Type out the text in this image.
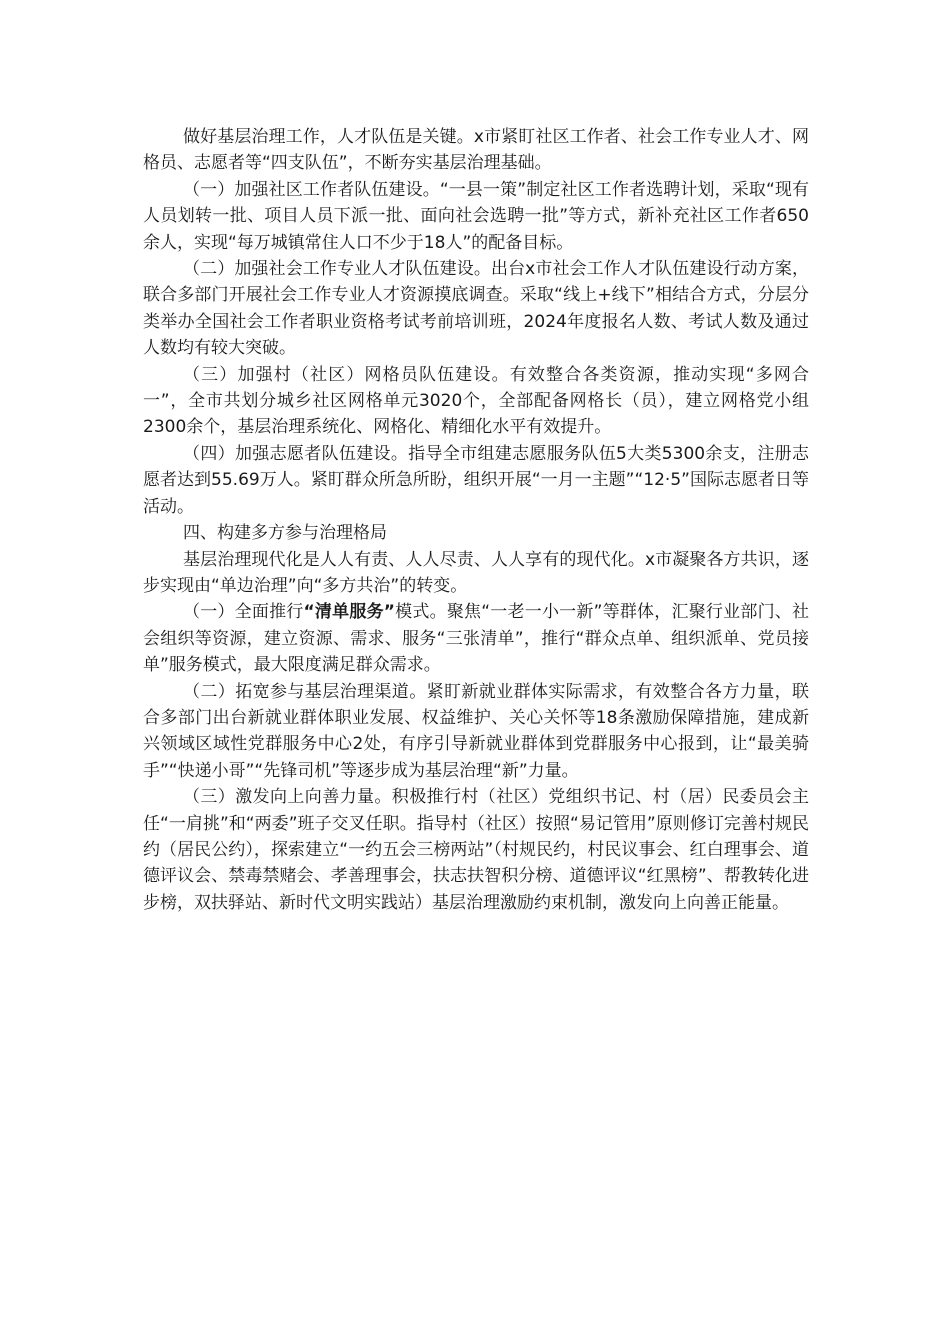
做好基层治理工作，人才队伍是关键。x市紧盯社区工作者、社会工作专业人才、网格员、志愿者等“四支队伍”，不断夯实基层治理基础。

（一）加强社区工作者队伍建设。“一县一策”制定社区工作者选聘计划，采取“现有人员划转一批、项目人员下派一批、面向社会选聘一批”等方式，新补充社区工作者650余人，实现“每万城镇常住人口不少于18人”的配备目标。

（二）加强社会工作专业人才队伍建设。出台x市社会工作人才队伍建设行动方案，联合多部门开展社会工作专业人才资源摸底调查。采取“线上+线下”相结合方式，分层分类举办全国社会工作者职业资格考试考前培训班，2024年度报名人数、考试人数及通过人数均有较大突破。

（三）加强村（社区）网格员队伍建设。有效整合各类资源，推动实现“多网合一”，全市共划分城乡社区网格单元3020个，全部配备网格长（员），建立网格党小组2300余个，基层治理系统化、网格化、精细化水平有效提升。

（四）加强志愿者队伍建设。指导全市组建志愿服务队伍5大类5300余支，注册志愿者达到55.69万人。紧盯群众所急所盼，组织开展“一月一主题”“12·5”国际志愿者日等活动。

四、构建多方参与治理格局

基层治理现代化是人人有责、人人尽责、人人享有的现代化。x市凝聚各方共识，逐步实现由“单边治理”向“多方共治”的转变。

（一）全面推行“清单服务”模式。聚焦“一老一小一新”等群体，汇聚行业部门、社会组织等资源，建立资源、需求、服务“三张清单”，推行“群众点单、组织派单、党员接单”服务模式，最大限度满足群众需求。

（二）拓宽参与基层治理渠道。紧盯新就业群体实际需求，有效整合各方力量，联合多部门出台新就业群体职业发展、权益维护、关心关怀等18条激励保障措施，建成新兴领域区域性党群服务中心2处，有序引导新就业群体到党群服务中心报到，让“最美骑手”“快递小哥”“先锋司机”等逐步成为基层治理“新”力量。

（三）激发向上向善力量。积极推行村（社区）党组织书记、村（居）民委员会主任“一肩挑”和“两委”班子交叉任职。指导村（社区）按照“易记管用”原则修订完善村规民约（居民公约），探索建立“一约五会三榜两站”（村规民约，村民议事会、红白理事会、道德评议会、禁毒禁赌会、孝善理事会，扶志扶智积分榜、道德评议“红黑榜”、帮教转化进步榜，双扶驿站、新时代文明实践站）基层治理激励约束机制，激发向上向善正能量。
